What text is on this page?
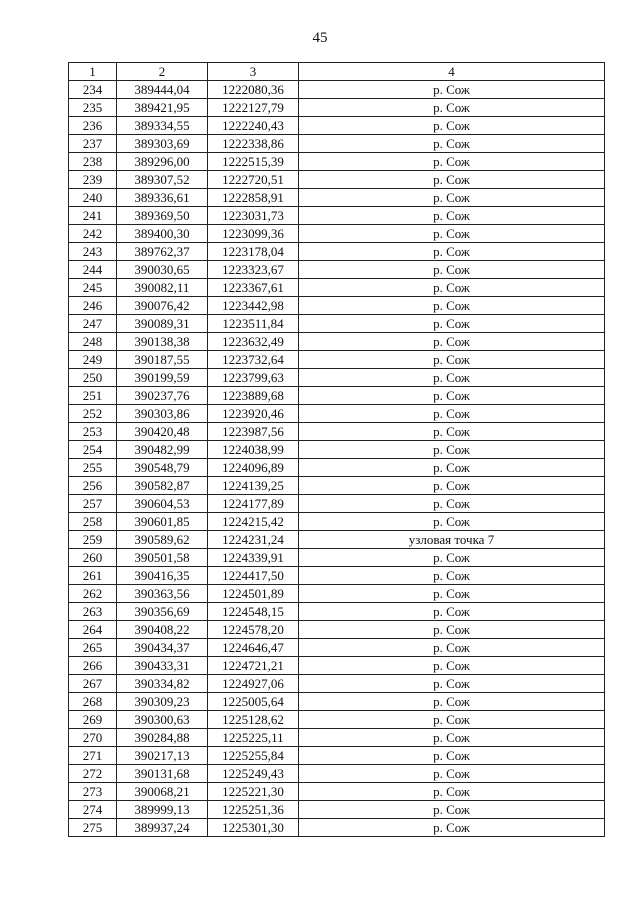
45
1	2	3	4
234	389444,04	1222080,36	р. Сож
235	389421,95	1222127,79	р. Сож
236	389334,55	1222240,43	р. Сож
237	389303,69	1222338,86	р. Сож
238	389296,00	1222515,39	р. Сож
239	389307,52	1222720,51	р. Сож
240	389336,61	1222858,91	р. Сож
241	389369,50	1223031,73	р. Сож
242	389400,30	1223099,36	р. Сож
243	389762,37	1223178,04	р. Сож
244	390030,65	1223323,67	р. Сож
245	390082,11	1223367,61	р. Сож
246	390076,42	1223442,98	р. Сож
247	390089,31	1223511,84	р. Сож
248	390138,38	1223632,49	р. Сож
249	390187,55	1223732,64	р. Сож
250	390199,59	1223799,63	р. Сож
251	390237,76	1223889,68	р. Сож
252	390303,86	1223920,46	р. Сож
253	390420,48	1223987,56	р. Сож
254	390482,99	1224038,99	р. Сож
255	390548,79	1224096,89	р. Сож
256	390582,87	1224139,25	р. Сож
257	390604,53	1224177,89	р. Сож
258	390601,85	1224215,42	р. Сож
259	390589,62	1224231,24	узловая точка 7
260	390501,58	1224339,91	р. Сож
261	390416,35	1224417,50	р. Сож
262	390363,56	1224501,89	р. Сож
263	390356,69	1224548,15	р. Сож
264	390408,22	1224578,20	р. Сож
265	390434,37	1224646,47	р. Сож
266	390433,31	1224721,21	р. Сож
267	390334,82	1224927,06	р. Сож
268	390309,23	1225005,64	р. Сож
269	390300,63	1225128,62	р. Сож
270	390284,88	1225225,11	р. Сож
271	390217,13	1225255,84	р. Сож
272	390131,68	1225249,43	р. Сож
273	390068,21	1225221,30	р. Сож
274	389999,13	1225251,36	р. Сож
275	389937,24	1225301,30	р. Сож
